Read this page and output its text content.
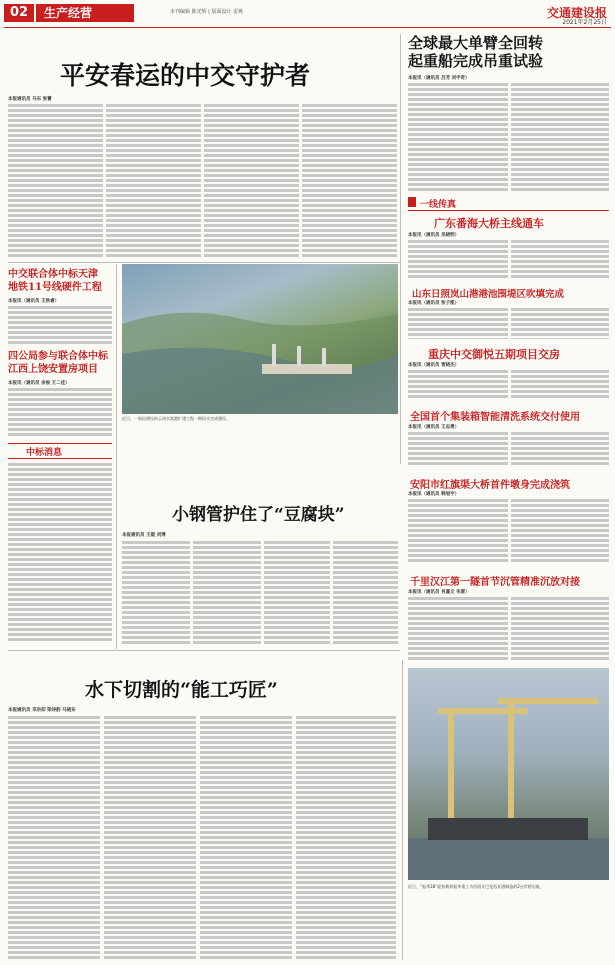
02	生产经营	本刊编辑 陈光辉 | 版面设计 雷燕	交通建设报
2021年2月25日
平安春运的中交守护者
本报通讯员 马东 张蕾
全球最大单臂全回转
起重船完成吊重试验
本报讯（通讯员 吕芳 刘宇奇）
一线传真
广东番海大桥主线通车
本报讯（通讯员 吴晓明）
山东日照岚山港港池围堤区吹填完成
本报讯（通讯员 张子凯）
重庆中交御悦五期项目交房
本报讯（通讯员 贾晓杰）
全国首个集装箱智能清洗系统交付使用
本报讯（通讯员 王志勇）
安阳市红旗渠大桥首件墩身完成浇筑
本报讯（通讯员 韩旭宇）
千里汉江第一隧首节沉管精准沉放对接
本报讯（通讯员 肖嘉文 朱雷）
中交联合体中标天津
地铁11号线硬件工程
本报讯（通讯员 王秋睿）
四公局参与联合体中标
江西上饶安置房项目
本报讯（通讯员 余俊 王二佳）
中标消息
近日，一航局建设的云南水富港扩建工程一期码头完成建设。
小钢管护住了“豆腐块”
本报通讯员 王毅 刘博
水下切割的“能工巧匠”
本报通讯员 邓宗仰 梁诗韵 马晓东
近日，“振华28”轮装载着振华重工为西班牙巴伦西亚港制造的2台岸桥启航。
